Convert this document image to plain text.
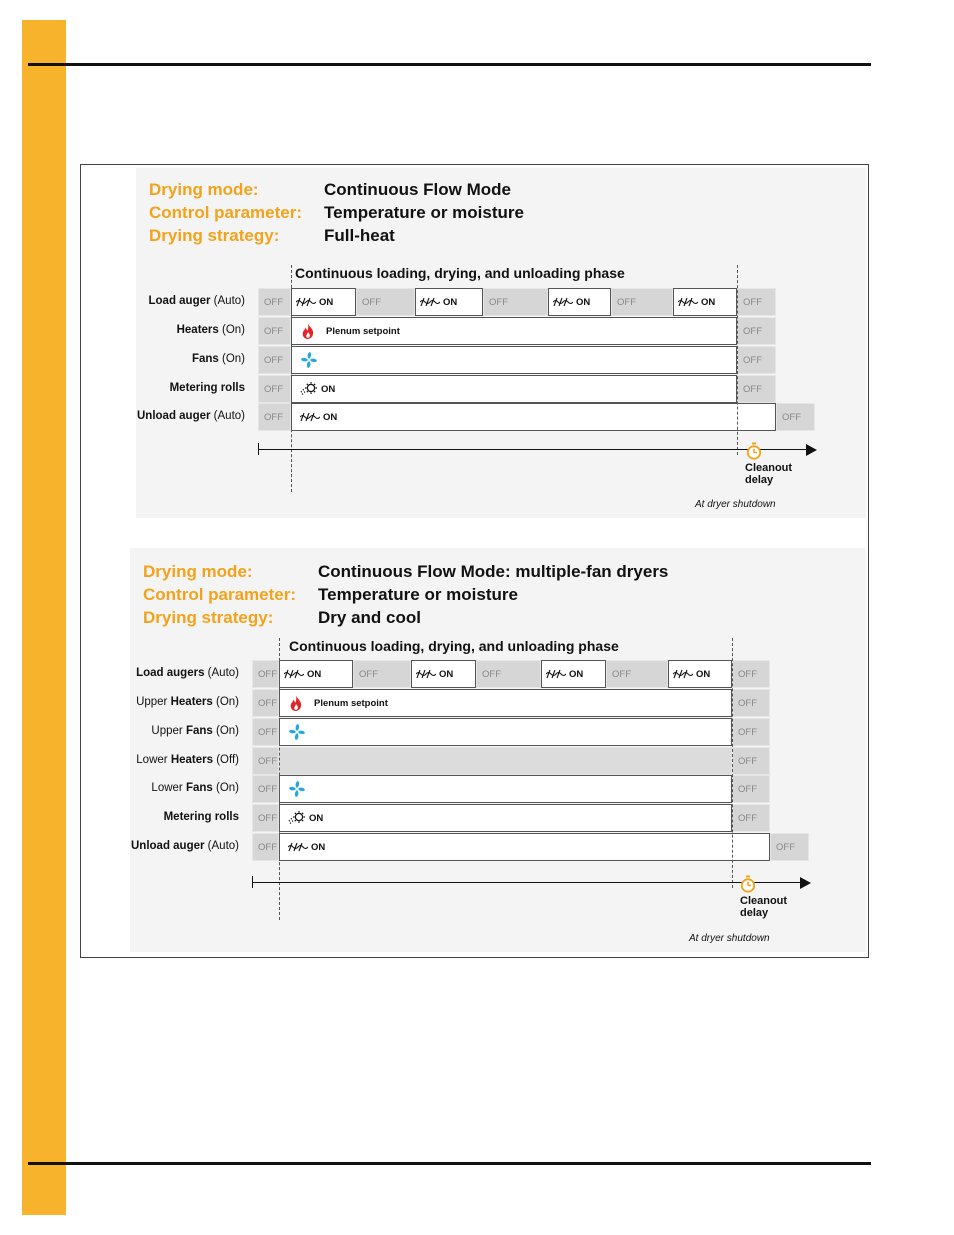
Drying mode:	Continuous Flow Mode
Control parameter: Temperature or moisture
Drying strategy:	Full-heat
Continuous loading, drying, and unloading phase
Load auger (Auto)	OFF	ON	OFF	ON	OFF	ON	OFF	ON	OFF
Heaters (On)	OFF	Plenum setpoint	OFF
Fans (On)	OFF	OFF
Metering rolls	OFF	ON	OFF
Unload auger (Auto)	OFF	ON	OFF
Cleanout
delay
At dryer shutdown
Drying mode:	Continuous Flow Mode: multiple-fan dryers
Control parameter: Temperature or moisture
Drying strategy:	Dry and cool
Continuous loading, drying, and unloading phase
Load augers (Auto)	OFF	ON	OFF	ON	OFF	ON	OFF	ON	OFF
Upper Heaters (On)	OFF	Plenum setpoint	OFF
Upper Fans (On)	OFF	OFF
Lower Heaters (Off)	OFF	OFF
Lower Fans (On)	OFF	OFF
Metering rolls	OFF	ON	OFF
Unload auger (Auto)	OFF	ON	OFF
Cleanout
delay
At dryer shutdown
